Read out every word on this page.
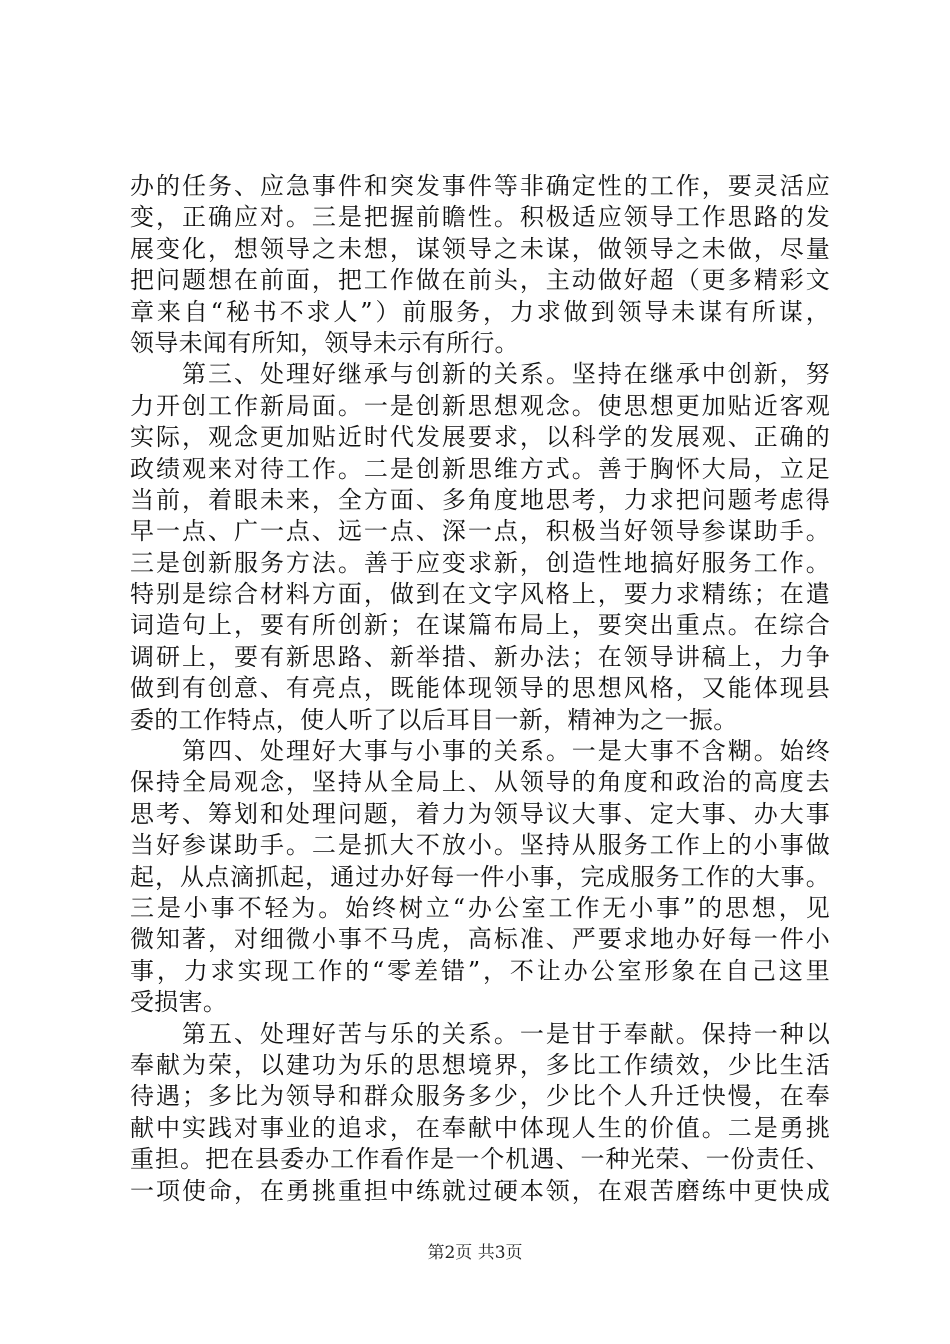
办的任务、应急事件和突发事件等非确定性的工作，要灵活应
变，正确应对。三是把握前瞻性。积极适应领导工作思路的发
展变化，想领导之未想，谋领导之未谋，做领导之未做，尽量
把问题想在前面，把工作做在前头，主动做好超（更多精彩文
章来自“秘书不求人”）前服务，力求做到领导未谋有所谋，
领导未闻有所知，领导未示有所行。
第三、处理好继承与创新的关系。坚持在继承中创新，努
力开创工作新局面。一是创新思想观念。使思想更加贴近客观
实际，观念更加贴近时代发展要求，以科学的发展观、正确的
政绩观来对待工作。二是创新思维方式。善于胸怀大局，立足
当前，着眼未来，全方面、多角度地思考，力求把问题考虑得
早一点、广一点、远一点、深一点，积极当好领导参谋助手。
三是创新服务方法。善于应变求新，创造性地搞好服务工作。
特别是综合材料方面，做到在文字风格上，要力求精练；在遣
词造句上，要有所创新；在谋篇布局上，要突出重点。在综合
调研上，要有新思路、新举措、新办法；在领导讲稿上，力争
做到有创意、有亮点，既能体现领导的思想风格，又能体现县
委的工作特点，使人听了以后耳目一新，精神为之一振。
第四、处理好大事与小事的关系。一是大事不含糊。始终
保持全局观念，坚持从全局上、从领导的角度和政治的高度去
思考、筹划和处理问题，着力为领导议大事、定大事、办大事
当好参谋助手。二是抓大不放小。坚持从服务工作上的小事做
起，从点滴抓起，通过办好每一件小事，完成服务工作的大事。
三是小事不轻为。始终树立“办公室工作无小事”的思想，见
微知著，对细微小事不马虎，高标准、严要求地办好每一件小
事，力求实现工作的“零差错”，不让办公室形象在自己这里
受损害。
第五、处理好苦与乐的关系。一是甘于奉献。保持一种以
奉献为荣，以建功为乐的思想境界，多比工作绩效，少比生活
待遇；多比为领导和群众服务多少，少比个人升迁快慢，在奉
献中实践对事业的追求，在奉献中体现人生的价值。二是勇挑
重担。把在县委办工作看作是一个机遇、一种光荣、一份责任、
一项使命，在勇挑重担中练就过硬本领，在艰苦磨练中更快成
第2页 共3页
